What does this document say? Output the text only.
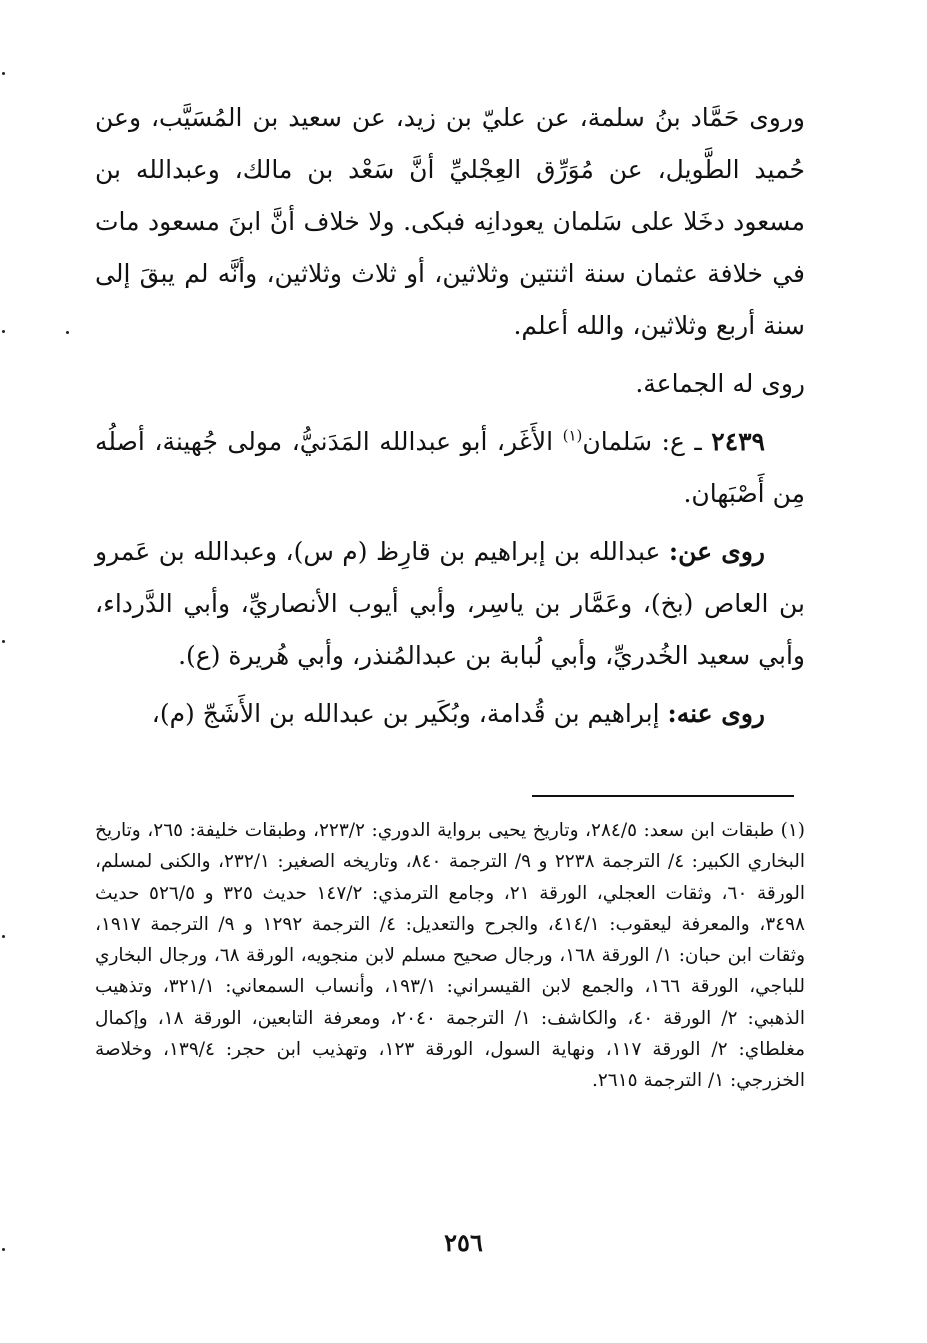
وروى حَمَّاد بنُ سلمة، عن عليّ بن زيد، عن سعيد بن المُسَيَّب، وعن حُميد الطَّويل، عن مُوَرِّق العِجْليِّ أنَّ سَعْد بن مالك، وعبدالله بن مسعود دخَلا على سَلمان يعودانِه فبكى. ولا خلاف أنَّ ابنَ مسعود مات في خلافة عثمان سنة اثنتين وثلاثين، أو ثلاث وثلاثين، وأنَّه لم يبقَ إلى سنة أربع وثلاثين، والله أعلم.

روى له الجماعة.

٢٤٣٩ ـ ع: سَلمان$^{(١)}$ الأَغَر، أبو عبدالله المَدَنيُّ، مولى جُهينة، أصلُه مِن أَصْبَهان.

روى عن: عبدالله بن إبراهيم بن قارِظ (م س)، وعبدالله بن عَمرو بن العاص (بخ)، وعَمَّار بن ياسِر، وأبي أيوب الأنصاريِّ، وأبي الدَّرداء، وأبي سعيد الخُدريِّ، وأبي لُبابة بن عبدالمُنذر، وأبي هُريرة (ع).

روى عنه: إبراهيم بن قُدامة، وبُكَير بن عبدالله بن الأَشَجّ (م)،

(١) طبقات ابن سعد: ٢٨٤/٥، وتاريخ يحيى برواية الدوري: ٢٢٣/٢، وطبقات خليفة: ٢٦٥، وتاريخ البخاري الكبير: ٤/ الترجمة ٢٢٣٨ و ٩/ الترجمة ٨٤٠، وتاريخه الصغير: ٢٣٢/١، والكنى لمسلم، الورقة ٦٠، وثقات العجلي، الورقة ٢١، وجامع الترمذي: ١٤٧/٢ حديث ٣٢٥ و ٥٢٦/٥ حديث ٣٤٩٨، والمعرفة ليعقوب: ٤١٤/١، والجرح والتعديل: ٤/ الترجمة ١٢٩٢ و ٩/ الترجمة ١٩١٧، وثقات ابن حبان: ١/ الورقة ١٦٨، ورجال صحيح مسلم لابن منجويه، الورقة ٦٨، ورجال البخاري للباجي، الورقة ١٦٦، والجمع لابن القيسراني: ١٩٣/١، وأنساب السمعاني: ٣٢١/١، وتذهيب الذهبي: ٢/ الورقة ٤٠، والكاشف: ١/ الترجمة ٢٠٤٠، ومعرفة التابعين، الورقة ١٨، وإكمال مغلطاي: ٢/ الورقة ١١٧، ونهاية السول، الورقة ١٢٣، وتهذيب ابن حجر: ١٣٩/٤، وخلاصة الخزرجي: ١/ الترجمة ٢٦١٥.
٢٥٦
